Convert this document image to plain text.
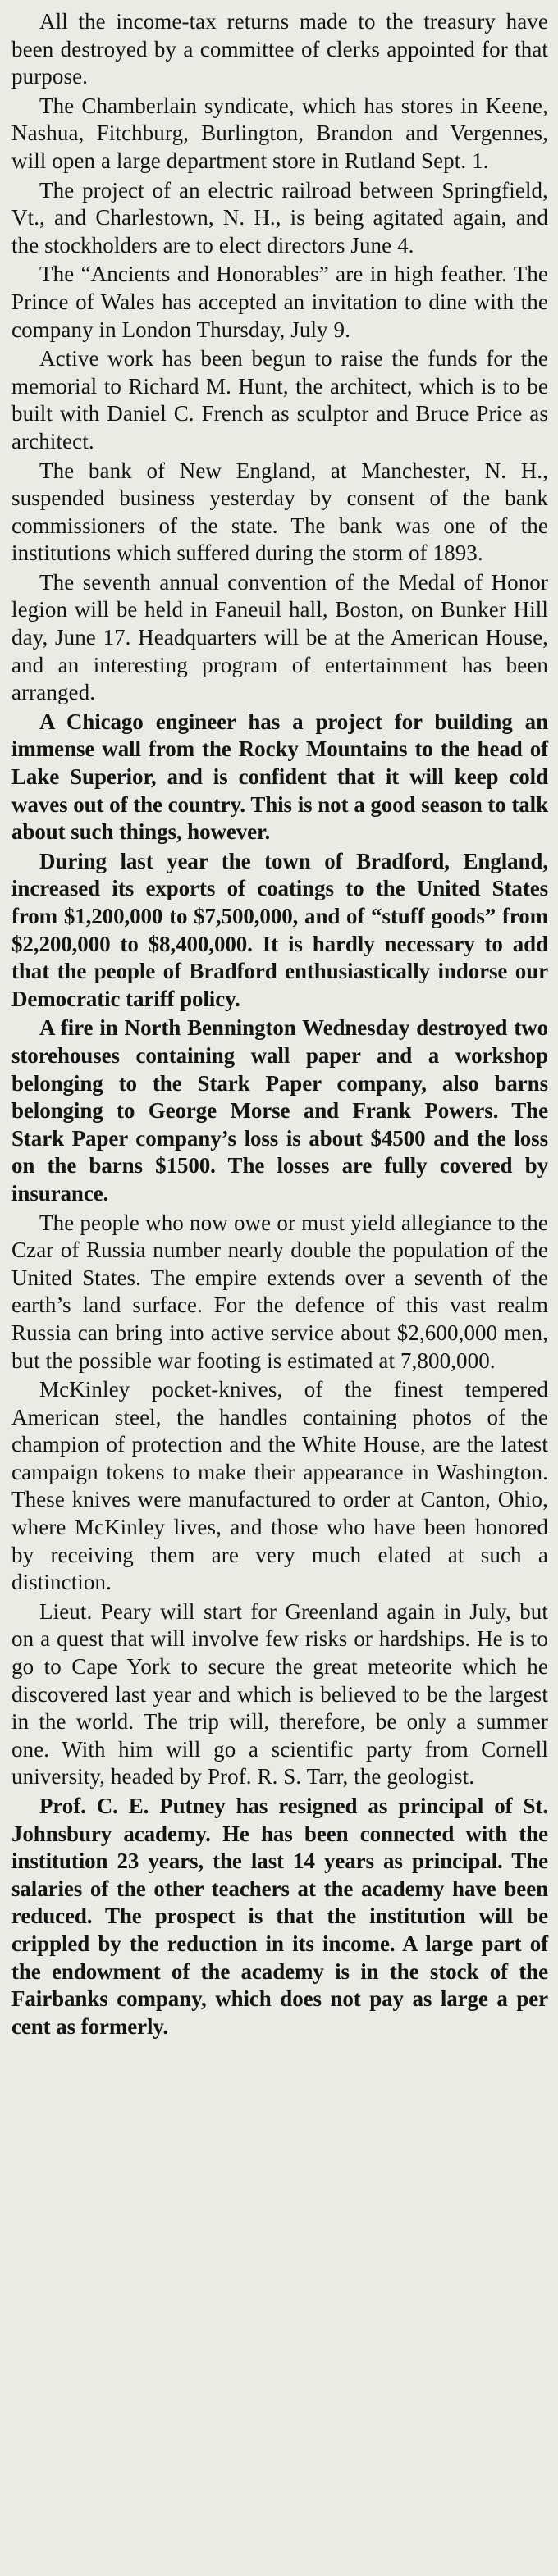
All the income-tax returns made to the treasury have been destroyed by a committee of clerks appointed for that purpose.

The Chamberlain syndicate, which has stores in Keene, Nashua, Fitchburg, Burlington, Brandon and Vergennes, will open a large department store in Rutland Sept. 1.

The project of an electric railroad between Springfield, Vt., and Charlestown, N. H., is being agitated again, and the stockholders are to elect directors June 4.

The “Ancients and Honorables” are in high feather. The Prince of Wales has accepted an invitation to dine with the company in London Thursday, July 9.

Active work has been begun to raise the funds for the memorial to Richard M. Hunt, the architect, which is to be built with Daniel C. French as sculptor and Bruce Price as architect.

The bank of New England, at Manchester, N. H., suspended business yesterday by consent of the bank commissioners of the state. The bank was one of the institutions which suffered during the storm of 1893.

The seventh annual convention of the Medal of Honor legion will be held in Faneuil hall, Boston, on Bunker Hill day, June 17. Headquarters will be at the American House, and an interesting program of entertainment has been arranged.

A Chicago engineer has a project for building an immense wall from the Rocky Mountains to the head of Lake Superior, and is confident that it will keep cold waves out of the country. This is not a good season to talk about such things, however.

During last year the town of Bradford, England, increased its exports of coatings to the United States from $1,200,000 to $7,500,000, and of “stuff goods” from $2,200,000 to $8,400,000. It is hardly necessary to add that the people of Bradford enthusiastically indorse our Democratic tariff policy.

A fire in North Bennington Wednesday destroyed two storehouses containing wall paper and a workshop belonging to the Stark Paper company, also barns belonging to George Morse and Frank Powers. The Stark Paper company’s loss is about $4500 and the loss on the barns $1500. The losses are fully covered by insurance.

The people who now owe or must yield allegiance to the Czar of Russia number nearly double the population of the United States. The empire extends over a seventh of the earth’s land surface. For the defence of this vast realm Russia can bring into active service about $2,600,000 men, but the possible war footing is estimated at 7,800,000.

McKinley pocket-knives, of the finest tempered American steel, the handles containing photos of the champion of protection and the White House, are the latest campaign tokens to make their appearance in Washington. These knives were manufactured to order at Canton, Ohio, where McKinley lives, and those who have been honored by receiving them are very much elated at such a distinction.

Lieut. Peary will start for Greenland again in July, but on a quest that will involve few risks or hardships. He is to go to Cape York to secure the great meteorite which he discovered last year and which is believed to be the largest in the world. The trip will, therefore, be only a summer one. With him will go a scientific party from Cornell university, headed by Prof. R. S. Tarr, the geologist.

Prof. C. E. Putney has resigned as principal of St. Johnsbury academy. He has been connected with the institution 23 years, the last 14 years as principal. The salaries of the other teachers at the academy have been reduced. The prospect is that the institution will be crippled by the reduction in its income. A large part of the endowment of the academy is in the stock of the Fairbanks company, which does not pay as large a per cent as formerly.
